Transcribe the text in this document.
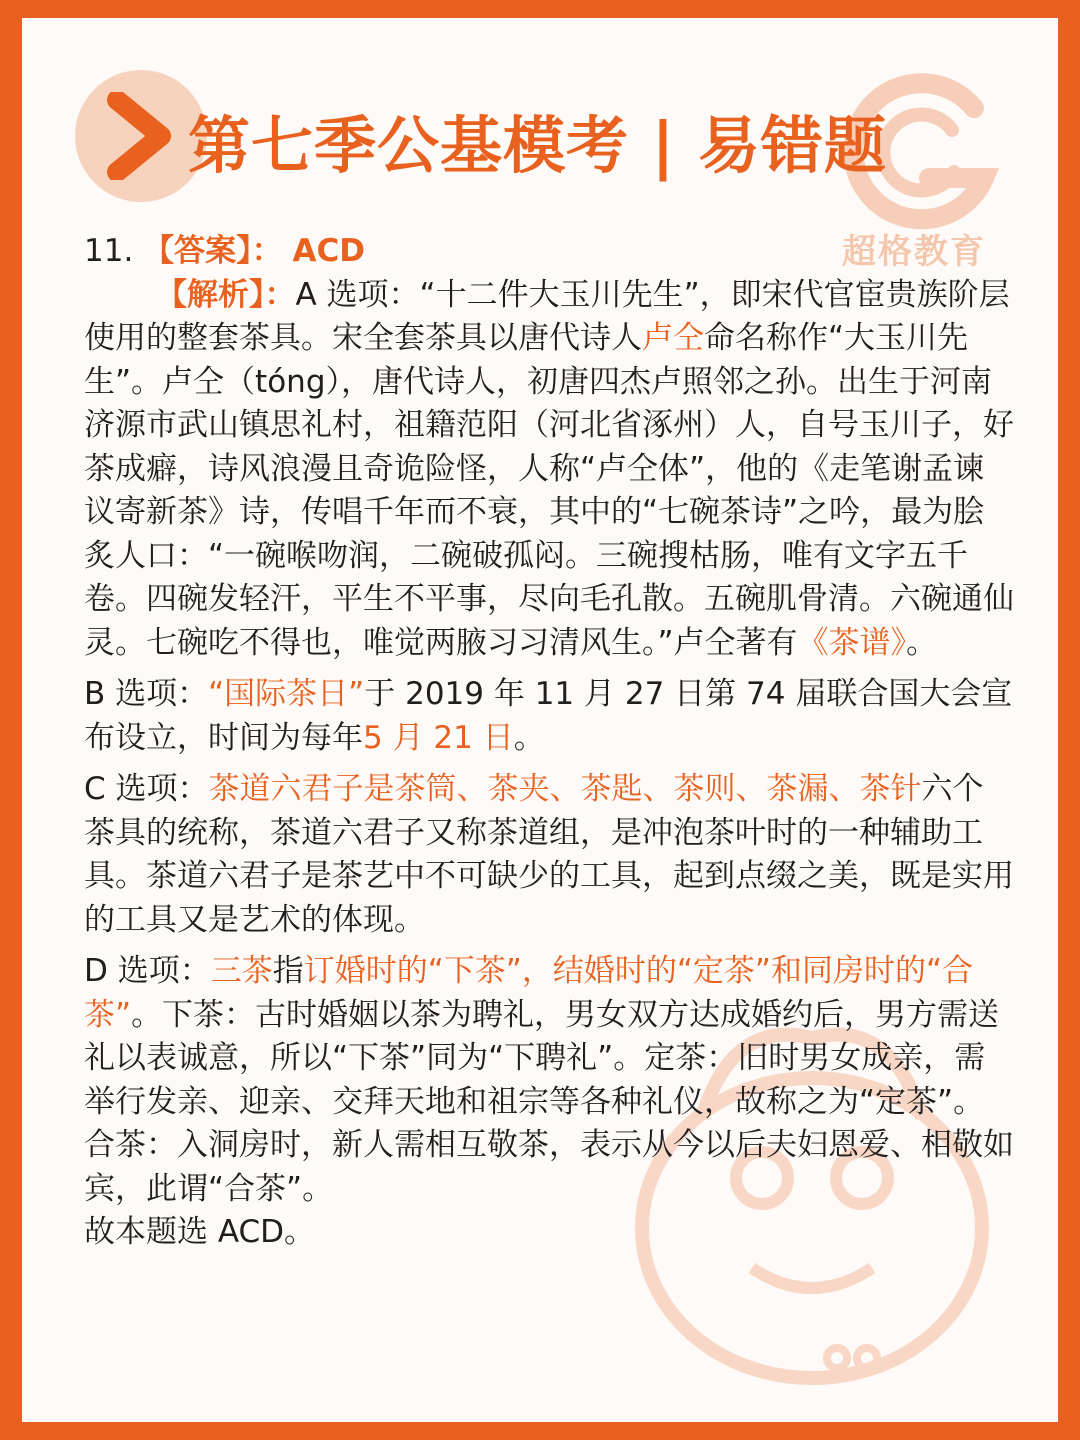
第七季公基模考 | 易错题
超格教育

11. 【答案】： ACD

【解析】：A 选项：“十二件大玉川先生”，即宋代官宦贵族阶层使用的整套茶具。宋全套茶具以唐代诗人卢仝命名称作“大玉川先生”。卢仝（tóng），唐代诗人，初唐四杰卢照邻之孙。出生于河南济源市武山镇思礼村，祖籍范阳（河北省涿州）人，自号玉川子，好茶成癖，诗风浪漫且奇诡险怪，人称“卢仝体”，他的《走笔谢孟谏议寄新茶》诗，传唱千年而不衰，其中的“七碗茶诗”之吟，最为脍炙人口：“一碗喉吻润，二碗破孤闷。三碗搜枯肠，唯有文字五千卷。四碗发轻汗，平生不平事，尽向毛孔散。五碗肌骨清。六碗通仙灵。七碗吃不得也，唯觉两腋习习清风生。”卢仝著有《茶谱》。

B 选项：“国际茶日”于 2019 年 11 月 27 日第 74 届联合国大会宣布设立，时间为每年5 月 21 日。

C 选项：茶道六君子是茶筒、茶夹、茶匙、茶则、茶漏、茶针六个茶具的统称，茶道六君子又称茶道组，是冲泡茶叶时的一种辅助工具。茶道六君子是茶艺中不可缺少的工具，起到点缀之美，既是实用的工具又是艺术的体现。

D 选项：三茶指订婚时的“下茶”，结婚时的“定茶”和同房时的“合茶”。下茶：古时婚姻以茶为聘礼，男女双方达成婚约后，男方需送礼以表诚意，所以“下茶”同为“下聘礼”。定茶：旧时男女成亲，需举行发亲、迎亲、交拜天地和祖宗等各种礼仪，故称之为“定茶”。合茶：入洞房时，新人需相互敬茶，表示从今以后夫妇恩爱、相敬如宾，此谓“合茶”。

故本题选 ACD。
